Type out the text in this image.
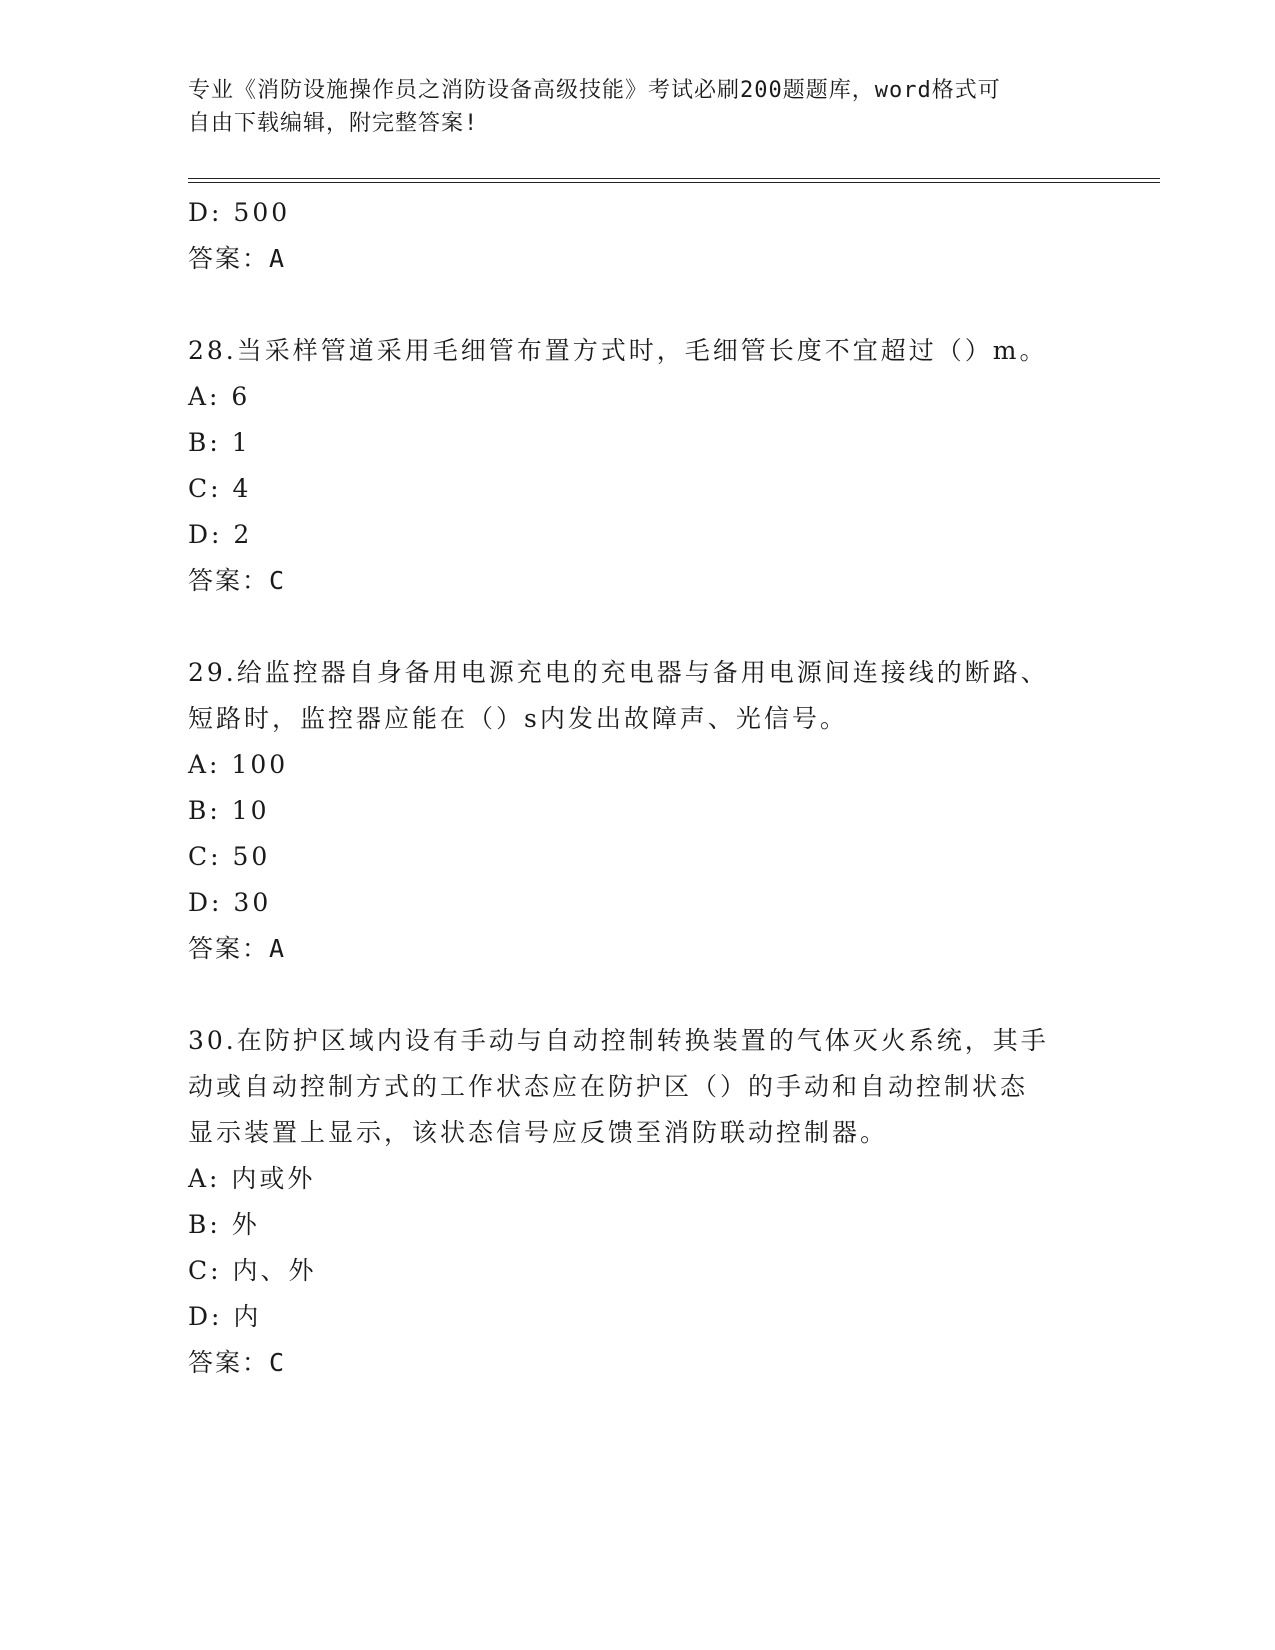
专业《消防设施操作员之消防设备高级技能》考试必刷200题题库，word格式可
自由下载编辑，附完整答案!
D: 500
答案：A
28.当采样管道采用毛细管布置方式时，毛细管长度不宜超过（）m。
A: 6
B: 1
C: 4
D: 2
答案：C
29.给监控器自身备用电源充电的充电器与备用电源间连接线的断路、
短路时，监控器应能在（）s内发出故障声、光信号。
A: 100
B: 10
C: 50
D: 30
答案：A
30.在防护区域内设有手动与自动控制转换装置的气体灭火系统，其手
动或自动控制方式的工作状态应在防护区（）的手动和自动控制状态
显示装置上显示，该状态信号应反馈至消防联动控制器。
A: 内或外
B: 外
C: 内、外
D: 内
答案：C
